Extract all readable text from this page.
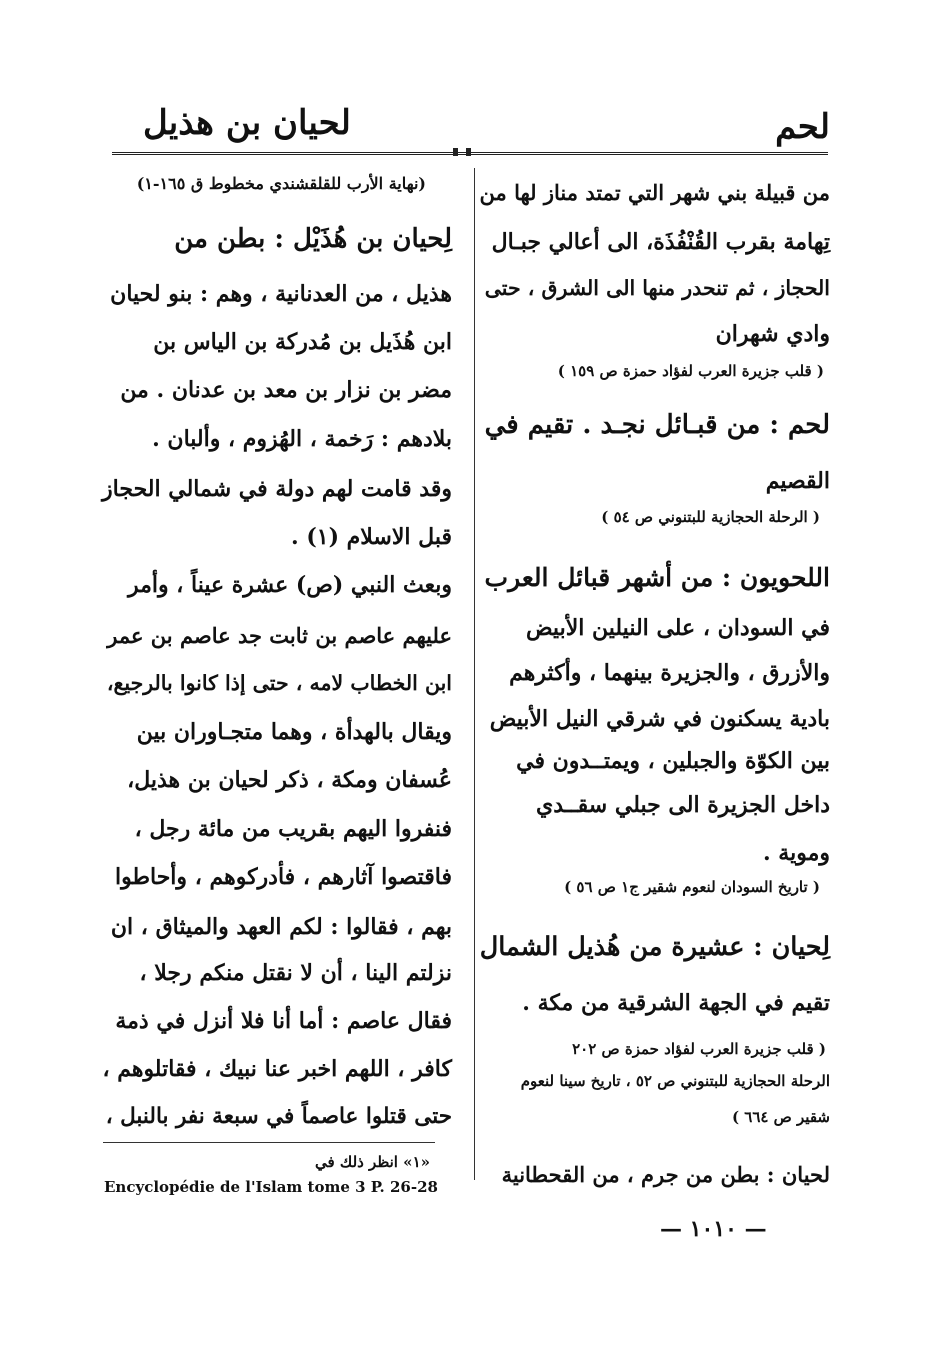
لحم
لحيان بن هذيل
من قبيلة بني شهر التي تمتد مناز لها من
تِهامة بقرب القُنْفُذَة، الى أعالي جبـال
الحجاز ، ثم تنحدر منها الى الشرق ، حتى
وادي شهران
( قلب جزيرة العرب لفؤاد حمزة ص ١٥٩ )
لحم : من قبـائل نجـد . تقيم في
القصيم
( الرحلة الحجازية للبتنوني ص ٥٤ )
اللحويون : من أشهر قبائل العرب
في السودان ، على النيلين الأبيض
والأزرق ، والجزيرة بينهما ، وأكثرهم
بادية يسكنون في شرقي النيل الأبيض
بين الكوّة والجبلين ، ويمتــدون في
داخل الجزيرة الى جبلي سقــدي
وموية .
( تاريخ السودان لنعوم شقير ج١ ص ٥٦ )
لِحيان : عشيرة من هُذيل الشمال
تقيم في الجهة الشرقية من مكة .
( قلب جزيرة العرب لفؤاد حمزة ص ٢٠٢
الرحلة الحجازية للبتنوني ص ٥٢ ، تاريخ سينا لنعوم
شقير ص ٦٦٤ )
لحيان : بطن من جرم ، من القحطانية
(نهاية الأرب للقلقشندي مخطوط ق ١٦٥-١)
لِحيان بن هُذَيْل : بطن من
هذيل ، من العدنانية ، وهم : بنو لحيان
ابن هُذَيل بن مُدركة بن الياس بن
مضر بن نزار بن معد بن عدنان . من
بلادهم : رَخمة ، الهُزوم ، وألبان .
وقد قامت لهم دولة في شمالي الحجاز
قبل الاسلام (١) .
وبعث النبي (ص) عشرة عيناً ، وأمر
عليهم عاصم بن ثابت جد عاصم بن عمر
ابن الخطاب لامه ، حتى إذا كانوا بالرجيع،
ويقال بالهدأة ، وهما متجـاوران بين
عُسفان ومكة ، ذكر لحيان بن هذيل،
فنفروا اليهم بقريب من مائة رجل ،
فاقتصوا آثارهم ، فأدركوهم ، وأحاطوا
بهم ، فقالوا : لكم العهد والميثاق ، ان
نزلتم الينا ، أن لا نقتل منكم رجلا ،
فقال عاصم : أما أنا فلا أنزل في ذمة
كافر ، اللهم اخبر عنا نبيك ، فقاتلوهم ،
حتى قتلوا عاصماً في سبعة نفر بالنبل ،
«١» انظر ذلك في
Encyclopédie de l'Islam tome 3 P. 26-28
— ١٠١٠ —
